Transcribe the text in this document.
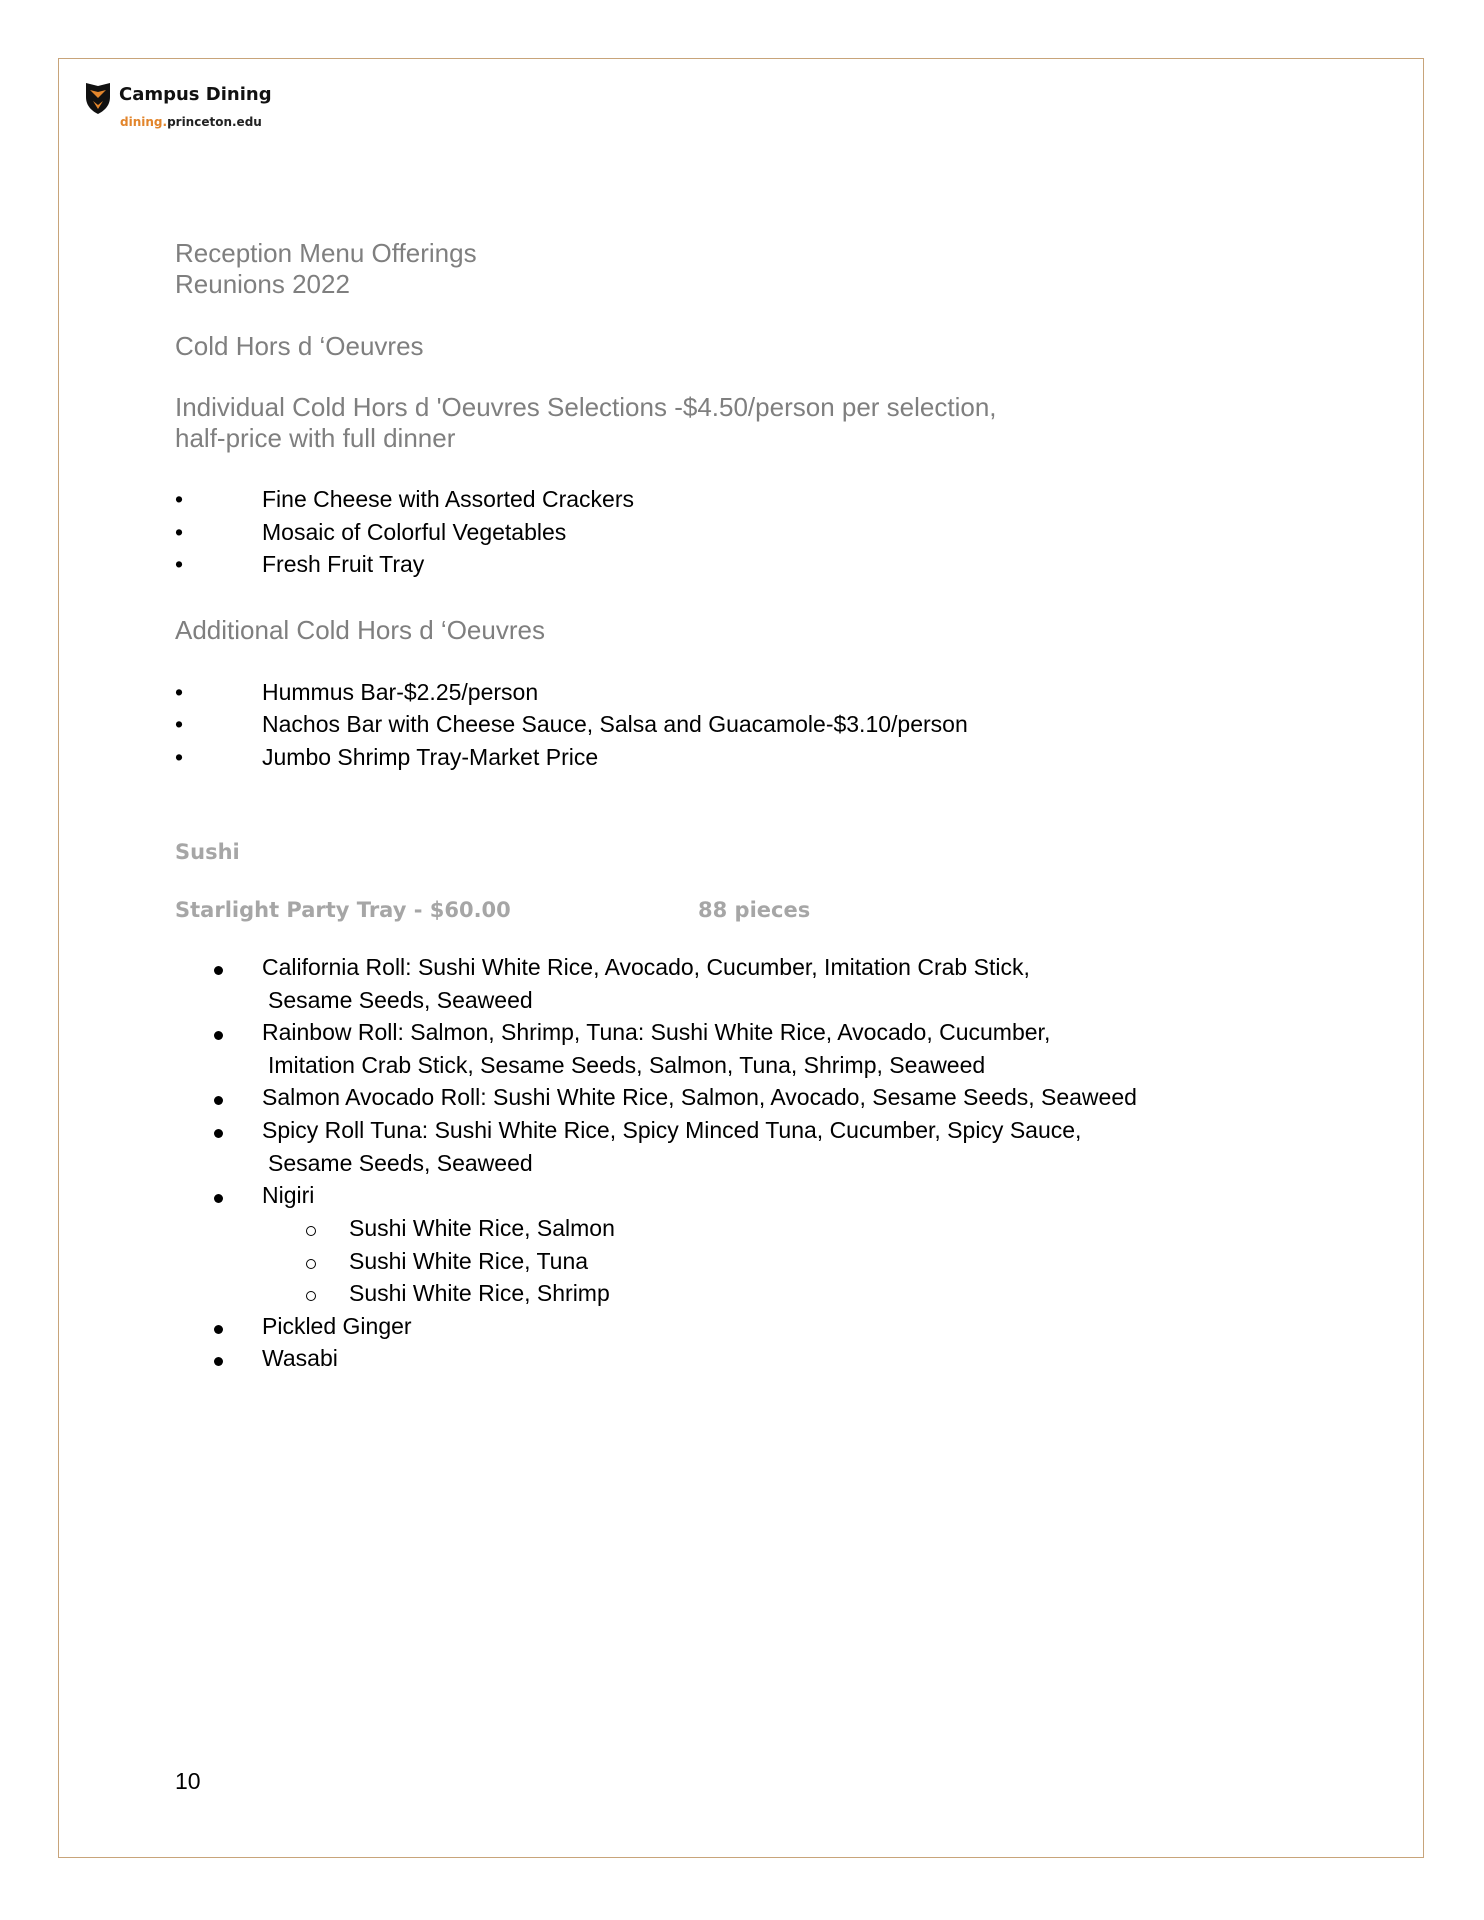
Campus Dining
dining.princeton.edu
Reception Menu Offerings
Reunions 2022
Cold Hors d ‘Oeuvres
Individual Cold Hors d 'Oeuvres Selections -$4.50/person per selection,
half-price with full dinner
•	Fine Cheese with Assorted Crackers
•	Mosaic of Colorful Vegetables
•	Fresh Fruit Tray
Additional Cold Hors d ‘Oeuvres
•	Hummus Bar-$2.25/person
•	Nachos Bar with Cheese Sauce, Salsa and Guacamole-$3.10/person
•	Jumbo Shrimp Tray-Market Price
Sushi
Starlight Party Tray - $60.00	88 pieces
California Roll: Sushi White Rice, Avocado, Cucumber, Imitation Crab Stick,
Sesame Seeds, Seaweed
Rainbow Roll: Salmon, Shrimp, Tuna: Sushi White Rice, Avocado, Cucumber,
Imitation Crab Stick, Sesame Seeds, Salmon, Tuna, Shrimp, Seaweed
Salmon Avocado Roll: Sushi White Rice, Salmon, Avocado, Sesame Seeds, Seaweed
Spicy Roll Tuna: Sushi White Rice, Spicy Minced Tuna, Cucumber, Spicy Sauce,
Sesame Seeds, Seaweed
Nigiri
Sushi White Rice, Salmon
Sushi White Rice, Tuna
Sushi White Rice, Shrimp
Pickled Ginger
Wasabi
10
